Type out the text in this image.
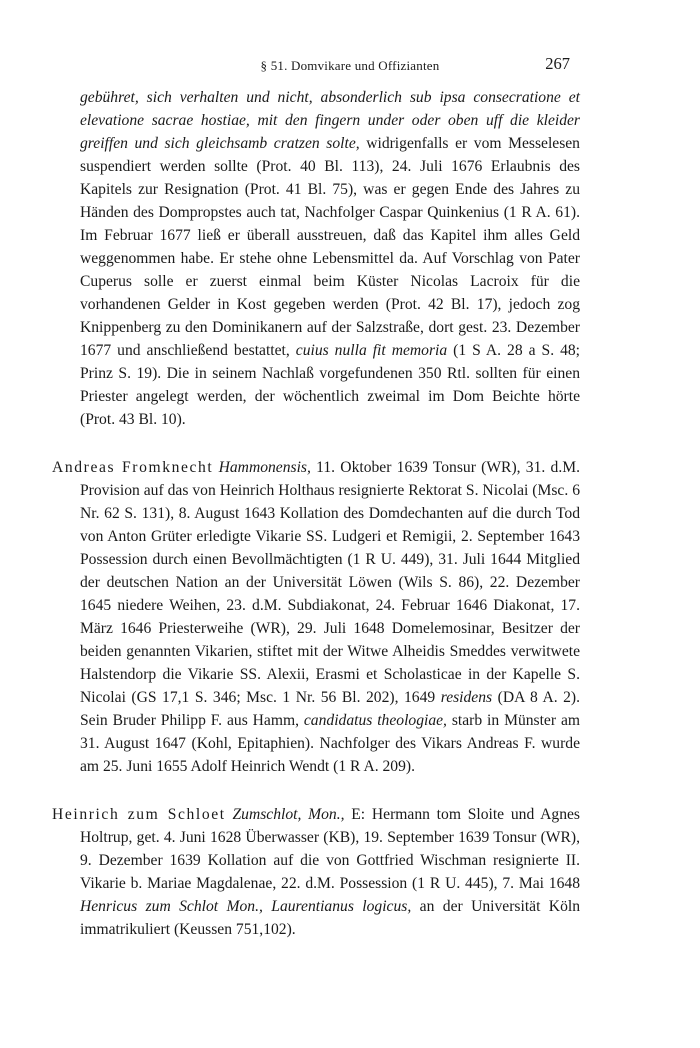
§ 51. Domvikare und Offizianten	267

gebühret, sich verhalten und nicht, absonderlich sub ipsa consecratione et elevatione sacrae hostiae, mit den fingern under oder oben uff die kleider greiffen und sich gleichsamb cratzen solte, widrigenfalls er vom Messelesen suspendiert werden sollte (Prot. 40 Bl. 113), 24. Juli 1676 Erlaubnis des Kapitels zur Resignation (Prot. 41 Bl. 75), was er gegen Ende des Jahres zu Händen des Dompropstes auch tat, Nachfolger Caspar Quinkenius (1 R A. 61). Im Februar 1677 ließ er überall ausstreuen, daß das Kapitel ihm alles Geld weggenommen habe. Er stehe ohne Lebensmittel da. Auf Vorschlag von Pater Cuperus solle er zuerst einmal beim Küster Nicolas Lacroix für die vorhandenen Gelder in Kost gegeben werden (Prot. 42 Bl. 17), jedoch zog Knippenberg zu den Dominikanern auf der Salzstraße, dort gest. 23. Dezember 1677 und anschließend bestattet, cuius nulla fit memoria (1 S A. 28 a S. 48; Prinz S. 19). Die in seinem Nachlaß vorgefundenen 350 Rtl. sollten für einen Priester angelegt werden, der wöchentlich zweimal im Dom Beichte hörte (Prot. 43 Bl. 10).

Andreas Fromknecht Hammonensis, 11. Oktober 1639 Tonsur (WR), 31. d.M. Provision auf das von Heinrich Holthaus resignierte Rektorat S. Nicolai (Msc. 6 Nr. 62 S. 131), 8. August 1643 Kollation des Domdechanten auf die durch Tod von Anton Grüter erledigte Vikarie SS. Ludgeri et Remigii, 2. September 1643 Possession durch einen Bevollmächtigten (1 R U. 449), 31. Juli 1644 Mitglied der deutschen Nation an der Universität Löwen (Wils S. 86), 22. Dezember 1645 niedere Weihen, 23. d.M. Subdiakonat, 24. Februar 1646 Diakonat, 17. März 1646 Priesterweihe (WR), 29. Juli 1648 Domelemosinar, Besitzer der beiden genannten Vikarien, stiftet mit der Witwe Alheidis Smeddes verwitwete Halstendorp die Vikarie SS. Alexii, Erasmi et Scholasticae in der Kapelle S. Nicolai (GS 17,1 S. 346; Msc. 1 Nr. 56 Bl. 202), 1649 residens (DA 8 A. 2). Sein Bruder Philipp F. aus Hamm, candidatus theologiae, starb in Münster am 31. August 1647 (Kohl, Epitaphien). Nachfolger des Vikars Andreas F. wurde am 25. Juni 1655 Adolf Heinrich Wendt (1 R A. 209).

Heinrich zum Schloet Zumschlot, Mon., E: Hermann tom Sloite und Agnes Holtrup, get. 4. Juni 1628 Überwasser (KB), 19. September 1639 Tonsur (WR), 9. Dezember 1639 Kollation auf die von Gottfried Wischman resignierte II. Vikarie b. Mariae Magdalenae, 22. d.M. Possession (1 R U. 445), 7. Mai 1648 Henricus zum Schlot Mon., Laurentianus logicus, an der Universität Köln immatrikuliert (Keussen 751,102).
